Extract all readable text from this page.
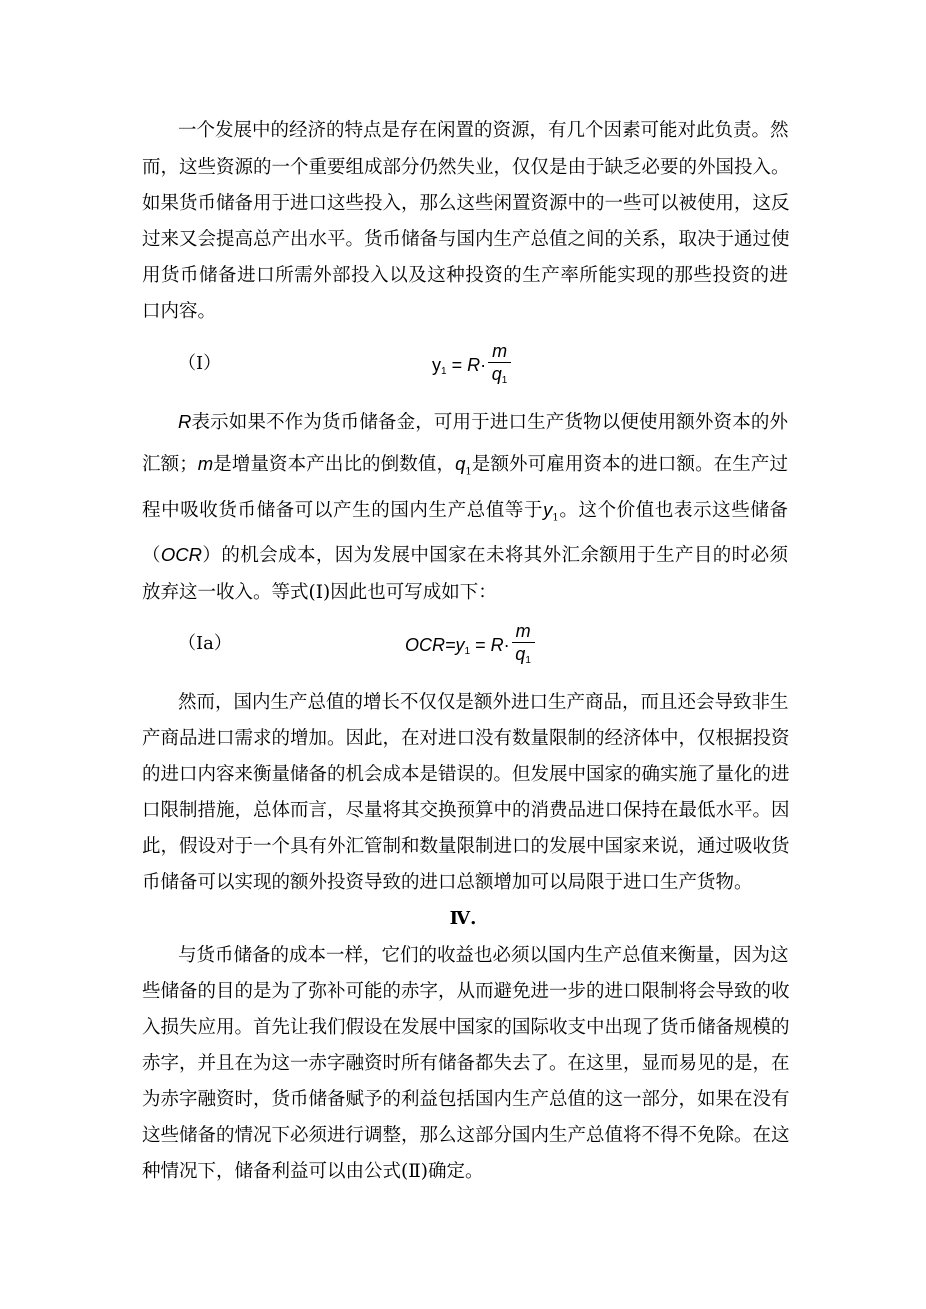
一个发展中的经济的特点是存在闲置的资源，有几个因素可能对此负责。然
而，这些资源的一个重要组成部分仍然失业，仅仅是由于缺乏必要的外国投入。
如果货币储备用于进口这些投入，那么这些闲置资源中的一些可以被使用，这反
过来又会提高总产出水平。货币储备与国内生产总值之间的关系，取决于通过使
用货币储备进口所需外部投入以及这种投资的生产率所能实现的那些投资的进
口内容。
（Ⅰ）	$y_1 = R\cdot \frac{m}{q_1}$
R表示如果不作为货币储备金，可用于进口生产货物以便使用额外资本的外
汇额；m是增量资本产出比的倒数值，$q_1$是额外可雇用资本的进口额。在生产过
程中吸收货币储备可以产生的国内生产总值等于$y_1$。这个价值也表示这些储备
（OCR）的机会成本，因为发展中国家在未将其外汇余额用于生产目的时必须
放弃这一收入。等式(Ⅰ)因此也可写成如下：
（Ⅰa）	$OCR=y_1 = R\cdot \frac{m}{q_1}$
然而，国内生产总值的增长不仅仅是额外进口生产商品，而且还会导致非生
产商品进口需求的增加。因此，在对进口没有数量限制的经济体中，仅根据投资
的进口内容来衡量储备的机会成本是错误的。但发展中国家的确实施了量化的进
口限制措施，总体而言，尽量将其交换预算中的消费品进口保持在最低水平。因
此，假设对于一个具有外汇管制和数量限制进口的发展中国家来说，通过吸收货
币储备可以实现的额外投资导致的进口总额增加可以局限于进口生产货物。
Ⅳ.
与货币储备的成本一样，它们的收益也必须以国内生产总值来衡量，因为这
些储备的目的是为了弥补可能的赤字，从而避免进一步的进口限制将会导致的收
入损失应用。首先让我们假设在发展中国家的国际收支中出现了货币储备规模的
赤字，并且在为这一赤字融资时所有储备都失去了。在这里，显而易见的是，在
为赤字融资时，货币储备赋予的利益包括国内生产总值的这一部分，如果在没有
这些储备的情况下必须进行调整，那么这部分国内生产总值将不得不免除。在这
种情况下，储备利益可以由公式(Ⅱ)确定。
